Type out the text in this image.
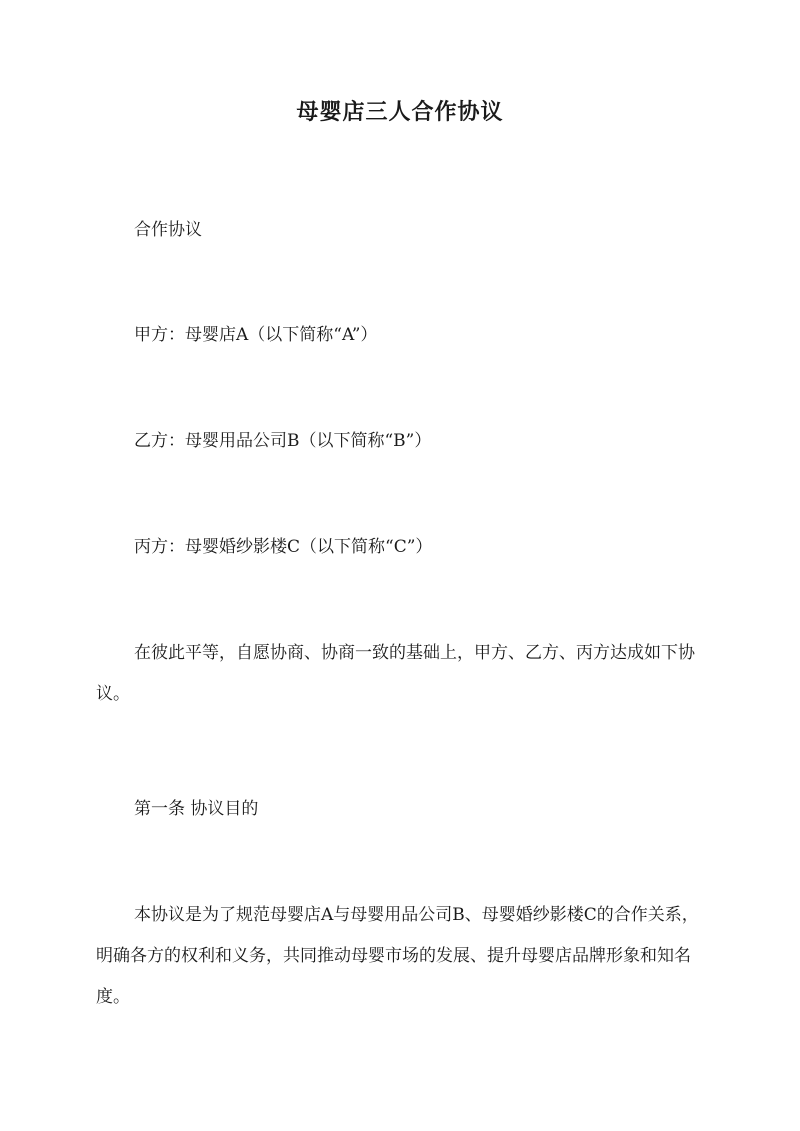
母婴店三人合作协议

合作协议

甲方：母婴店A（以下简称“A”）

乙方：母婴用品公司B（以下简称“B”）

丙方：母婴婚纱影楼C（以下简称“C”）

在彼此平等，自愿协商、协商一致的基础上，甲方、乙方、丙方达成如下协议。

第一条 协议目的

本协议是为了规范母婴店A与母婴用品公司B、母婴婚纱影楼C的合作关系，明确各方的权利和义务，共同推动母婴市场的发展、提升母婴店品牌形象和知名度。
